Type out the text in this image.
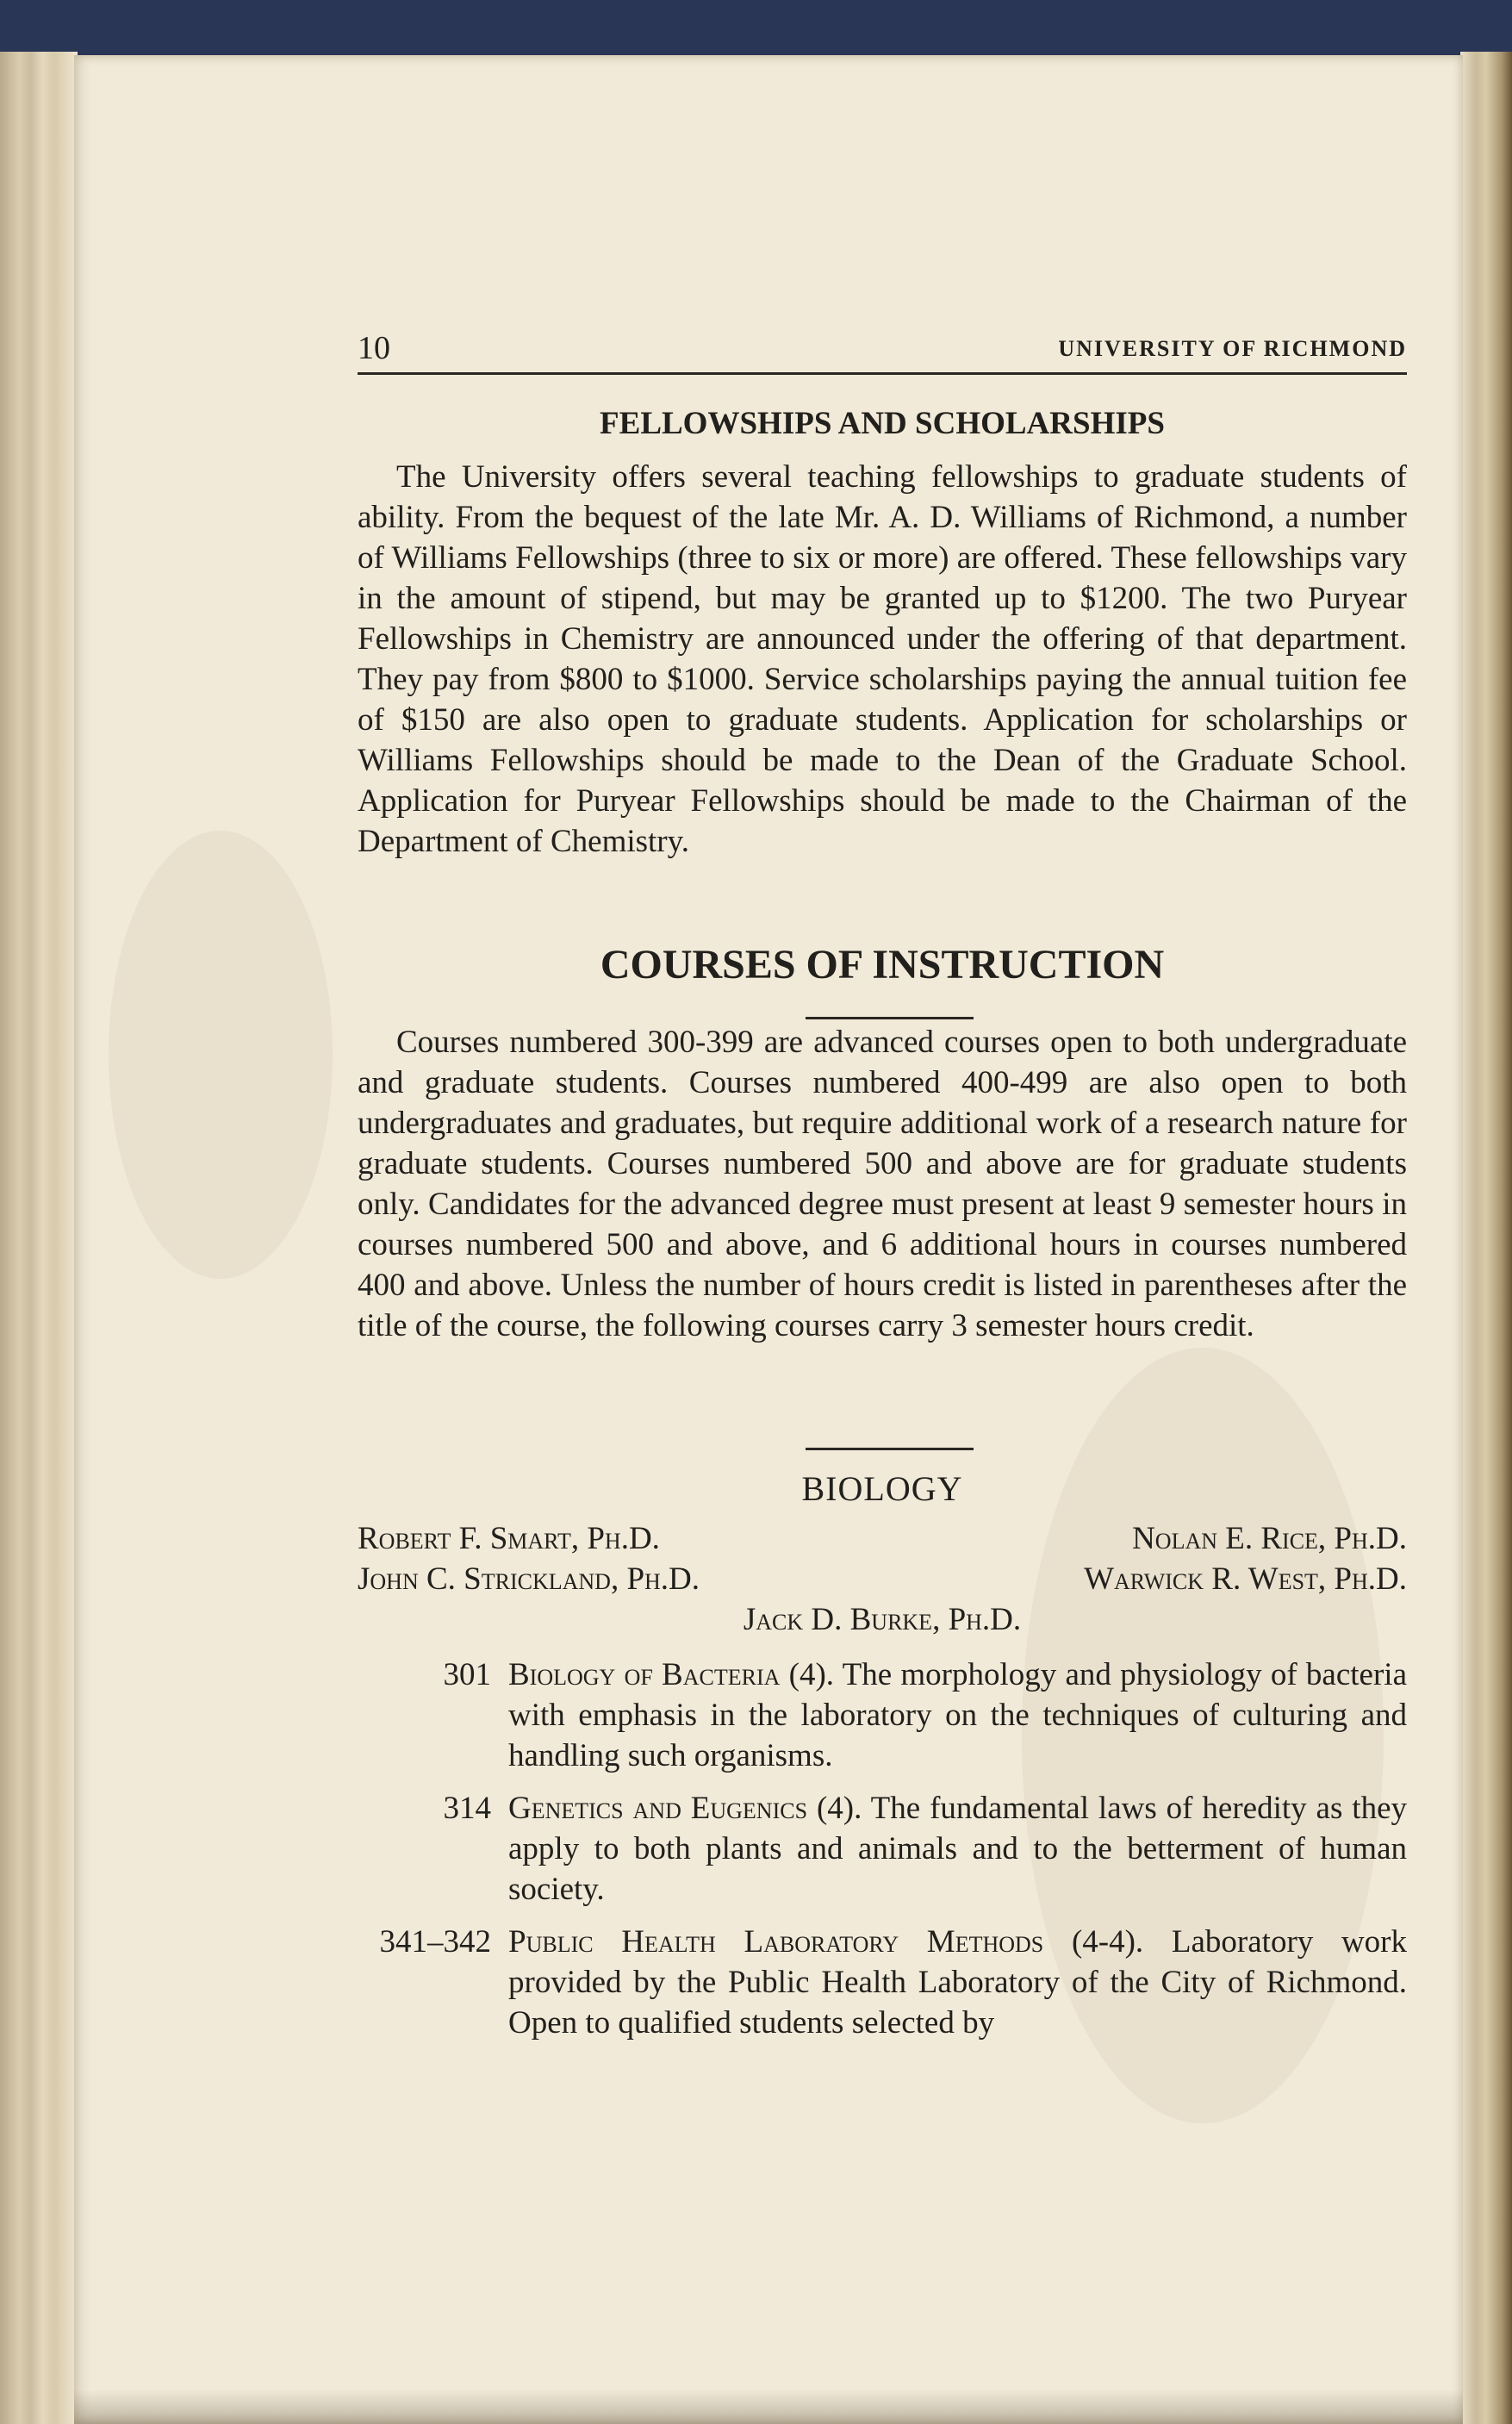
10	UNIVERSITY OF RICHMOND
FELLOWSHIPS AND SCHOLARSHIPS

The University offers several teaching fellowships to graduate students of ability. From the bequest of the late Mr. A. D. Williams of Richmond, a number of Williams Fellowships (three to six or more) are offered. These fellowships vary in the amount of stipend, but may be granted up to $1200. The two Puryear Fellowships in Chemistry are announced under the offering of that department. They pay from $800 to $1000. Service scholarships paying the annual tuition fee of $150 are also open to graduate students. Application for scholarships or Williams Fellowships should be made to the Dean of the Graduate School. Application for Puryear Fellowships should be made to the Chairman of the Department of Chemistry.

COURSES OF INSTRUCTION

Courses numbered 300-399 are advanced courses open to both undergraduate and graduate students. Courses numbered 400-499 are also open to both undergraduates and graduates, but require additional work of a research nature for graduate students. Courses numbered 500 and above are for graduate students only. Candidates for the advanced degree must present at least 9 semester hours in courses numbered 500 and above, and 6 additional hours in courses numbered 400 and above. Unless the number of hours credit is listed in parentheses after the title of the course, the following courses carry 3 semester hours credit.

BIOLOGY
Robert F. Smart, Ph.D.	Nolan E. Rice, Ph.D.
John C. Strickland, Ph.D.	Warwick R. West, Ph.D.
Jack D. Burke, Ph.D.
301 Biology of Bacteria (4). The morphology and physiology of bacteria with emphasis in the laboratory on the techniques of culturing and handling such organisms.
314 Genetics and Eugenics (4). The fundamental laws of heredity as they apply to both plants and animals and to the betterment of human society.
341–342 Public Health Laboratory Methods (4-4). Laboratory work provided by the Public Health Laboratory of the City of Richmond. Open to qualified students selected by
